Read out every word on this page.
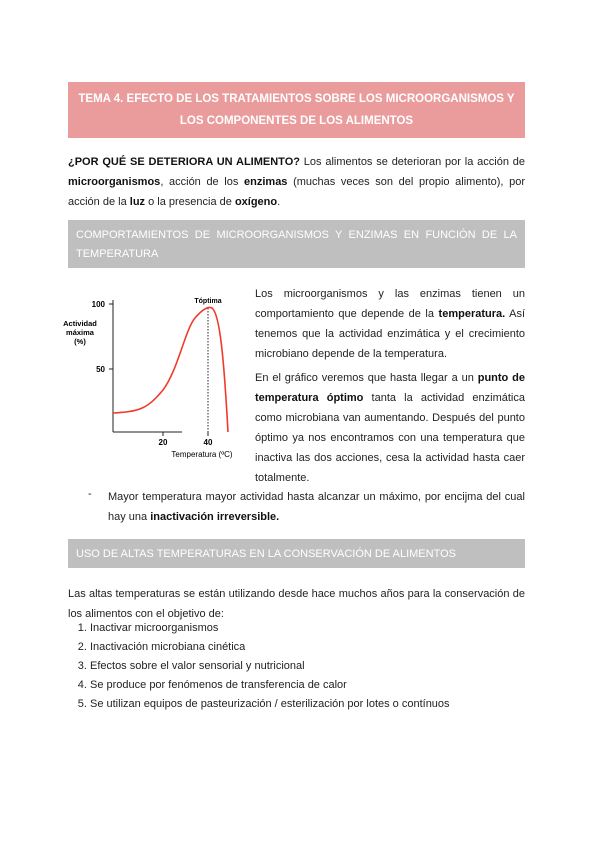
TEMA 4. EFECTO DE LOS TRATAMIENTOS SOBRE LOS MICROORGANISMOS Y LOS COMPONENTES DE LOS ALIMENTOS
¿POR QUÉ SE DETERIORA UN ALIMENTO? Los alimentos se deterioran por la acción de microorganismos, acción de los enzimas (muchas veces son del propio alimento), por acción de la luz o la presencia de oxígeno.
COMPORTAMIENTOS DE MICROORGANISMOS Y ENZIMAS EN FUNCIÓN DE LA TEMPERATURA
100
50
20	40
Temperatura (ºC)
Actividad
máxima
(%)
Tóptima
Los microorganismos y las enzimas tienen un comportamiento que depende de la temperatura. Así tenemos que la actividad enzimática y el crecimiento microbiano depende de la temperatura.
En el gráfico veremos que hasta llegar a un punto de temperatura óptimo tanta la actividad enzimática como microbiana van aumentando. Después del punto óptimo ya nos encontramos con una temperatura que inactiva las dos acciones, cesa la actividad hasta caer totalmente.
- Mayor temperatura mayor actividad hasta alcanzar un máximo, por encijma del cual hay una inactivación irreversible.
USO DE ALTAS TEMPERATURAS EN LA CONSERVACIÓN DE ALIMENTOS
Las altas temperaturas se están utilizando desde hace muchos años para la conservación de los alimentos con el objetivo de:
1. Inactivar microorganismos
2. Inactivación microbiana cinética
3. Efectos sobre el valor sensorial y nutricional
4. Se produce por fenómenos de transferencia de calor
5. Se utilizan equipos de pasteurización / esterilización por lotes o contínuos
